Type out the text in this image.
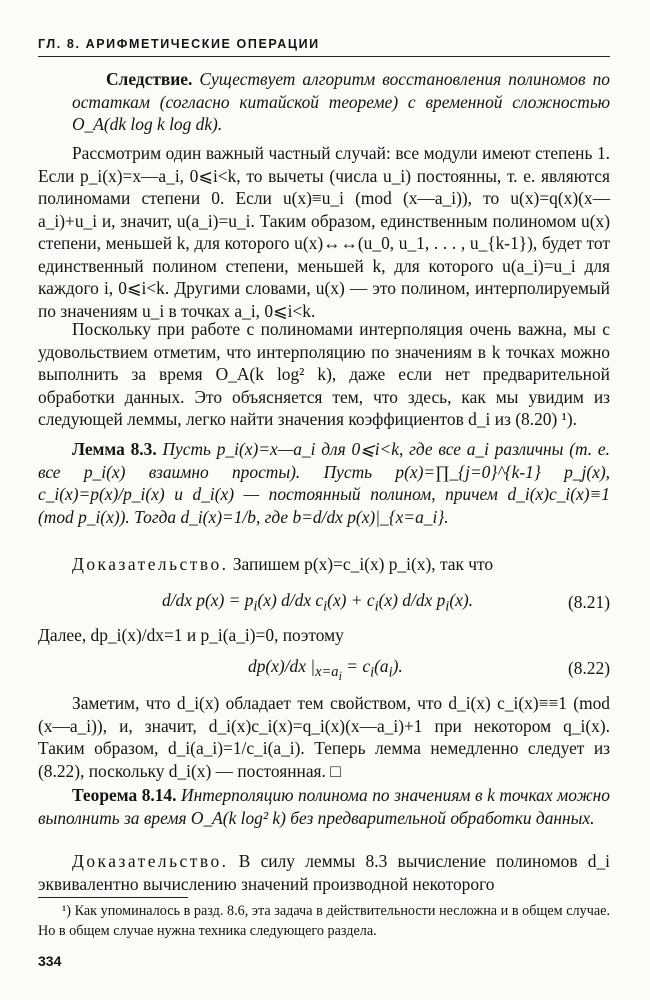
ГЛ. 8. АРИФМЕТИЧЕСКИЕ ОПЕРАЦИИ
Следствие. Существует алгоритм восстановления полиномов по остаткам (согласно китайской теореме) с временной сложностью O_A(dk log k log dk).
Рассмотрим один важный частный случай: все модули имеют степень 1. Если p_i(x)=x—a_i, 0⩽i<k, то вычеты (числа u_i) постоянны, т. е. являются полиномами степени 0. Если u(x)≡u_i (mod (x—a_i)), то u(x)=q(x)(x—a_i)+u_i и, значит, u(a_i)=u_i. Таким образом, единственным полиномом u(x) степени, меньшей k, для которого u(x)↔↔(u_0, u_1, . . . , u_{k-1}), будет тот единственный полином степени, меньшей k, для которого u(a_i)=u_i для каждого i, 0⩽i<k. Другими словами, u(x) — это полином, интерполируемый по значениям u_i в точках a_i, 0⩽i<k.
Поскольку при работе с полиномами интерполяция очень важна, мы с удовольствием отметим, что интерполяцию по значениям в k точках можно выполнить за время O_A(k log² k), даже если нет предварительной обработки данных. Это объясняется тем, что здесь, как мы увидим из следующей леммы, легко найти значения коэффициентов d_i из (8.20) ¹).
Лемма 8.3. Пусть p_i(x)=x—a_i для 0⩽i<k, где все a_i различны (т. е. все p_i(x) взаимно просты). Пусть p(x)=∏_{j=0}^{k-1} p_j(x), c_i(x)=p(x)/p_i(x) и d_i(x) — постоянный полином, причем d_i(x)c_i(x)≡1 (mod p_i(x)). Тогда d_i(x)=1/b, где b=d/dx p(x)|_{x=a_i}.
Доказательство. Запишем p(x)=c_i(x) p_i(x), так что
d/dx $p(x) = p_i(x)$ d/dx $c_i(x) + c_i(x)$ d/dx $p_i(x)$.	(8.21)
Далее, dp_i(x)/dx=1 и p_i(a_i)=0, поэтому
dp(x)/dx $|_{x=a_i} = c_i(a_i)$.	(8.22)
Заметим, что d_i(x) обладает тем свойством, что d_i(x) c_i(x)≡≡1 (mod (x—a_i)), и, значит, d_i(x)c_i(x)=q_i(x)(x—a_i)+1 при некотором q_i(x). Таким образом, d_i(a_i)=1/c_i(a_i). Теперь лемма немедленно следует из (8.22), поскольку d_i(x) — постоянная. □
Теорема 8.14. Интерполяцию полинома по значениям в k точках можно выполнить за время O_A(k log² k) без предварительной обработки данных.
Доказательство. В силу леммы 8.3 вычисление полиномов d_i эквивалентно вычислению значений производной некоторого
¹) Как упоминалось в разд. 8.6, эта задача в действительности несложна и в общем случае. Но в общем случае нужна техника следующего раздела.
334
